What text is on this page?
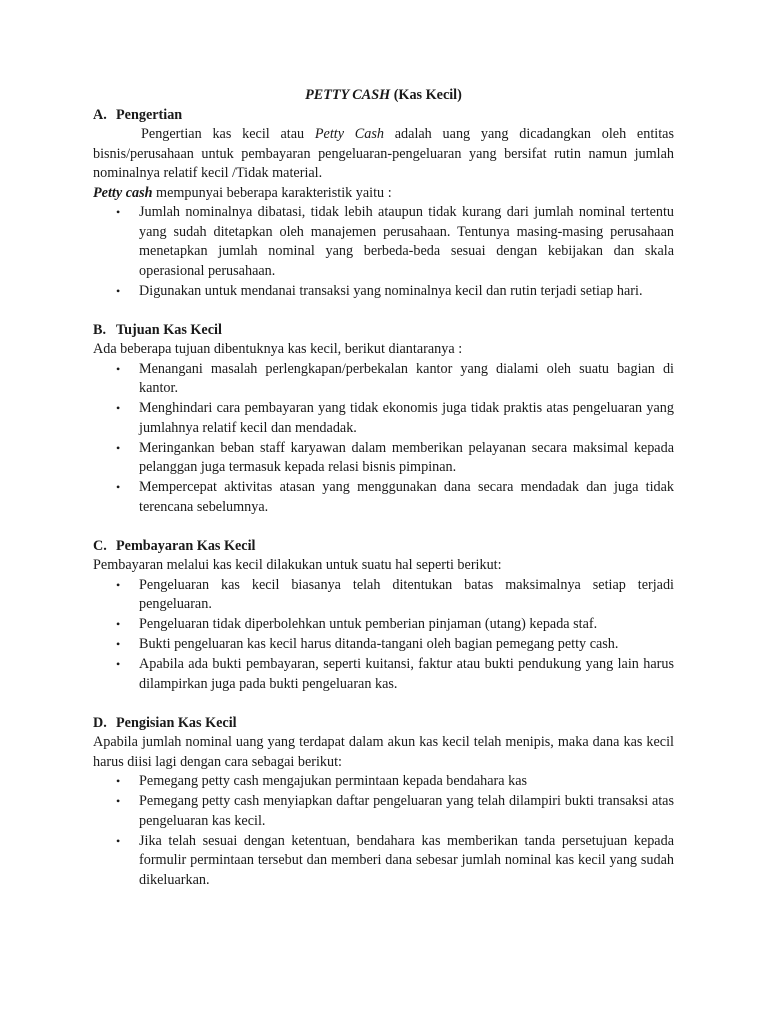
PETTY CASH (Kas Kecil)
A. Pengertian

Pengertian kas kecil atau Petty Cash adalah uang yang dicadangkan oleh entitas bisnis/perusahaan untuk pembayaran pengeluaran-pengeluaran yang bersifat rutin namun jumlah nominalnya relatif kecil /Tidak material.

Petty cash mempunyai beberapa karakteristik yaitu :

• Jumlah nominalnya dibatasi, tidak lebih ataupun tidak kurang dari jumlah nominal tertentu yang sudah ditetapkan oleh manajemen perusahaan. Tentunya masing-masing perusahaan menetapkan jumlah nominal yang berbeda-beda sesuai dengan kebijakan dan skala operasional perusahaan.
• Digunakan untuk mendanai transaksi yang nominalnya kecil dan rutin terjadi setiap hari.
B. Tujuan Kas Kecil

Ada beberapa tujuan dibentuknya kas kecil, berikut diantaranya :

• Menangani masalah perlengkapan/perbekalan kantor yang dialami oleh suatu bagian di kantor.
• Menghindari cara pembayaran yang tidak ekonomis juga tidak praktis atas pengeluaran yang jumlahnya relatif kecil dan mendadak.
• Meringankan beban staff karyawan dalam memberikan pelayanan secara maksimal kepada pelanggan juga termasuk kepada relasi bisnis pimpinan.
• Mempercepat aktivitas atasan yang menggunakan dana secara mendadak dan juga tidak terencana sebelumnya.
C. Pembayaran Kas Kecil

Pembayaran melalui kas kecil dilakukan untuk suatu hal seperti berikut:

• Pengeluaran kas kecil biasanya telah ditentukan batas maksimalnya setiap terjadi pengeluaran.
• Pengeluaran tidak diperbolehkan untuk pemberian pinjaman (utang) kepada staf.
• Bukti pengeluaran kas kecil harus ditanda-tangani oleh bagian pemegang petty cash.
• Apabila ada bukti pembayaran, seperti kuitansi, faktur atau bukti pendukung yang lain harus dilampirkan juga pada bukti pengeluaran kas.
D. Pengisian Kas Kecil

Apabila jumlah nominal uang yang terdapat dalam akun kas kecil telah menipis, maka dana kas kecil harus diisi lagi dengan cara sebagai berikut:

• Pemegang petty cash mengajukan permintaan kepada bendahara kas
• Pemegang petty cash menyiapkan daftar pengeluaran yang telah dilampiri bukti transaksi atas pengeluaran kas kecil.
• Jika telah sesuai dengan ketentuan, bendahara kas memberikan tanda persetujuan kepada formulir permintaan tersebut dan memberi dana sebesar jumlah nominal kas kecil yang sudah dikeluarkan.
